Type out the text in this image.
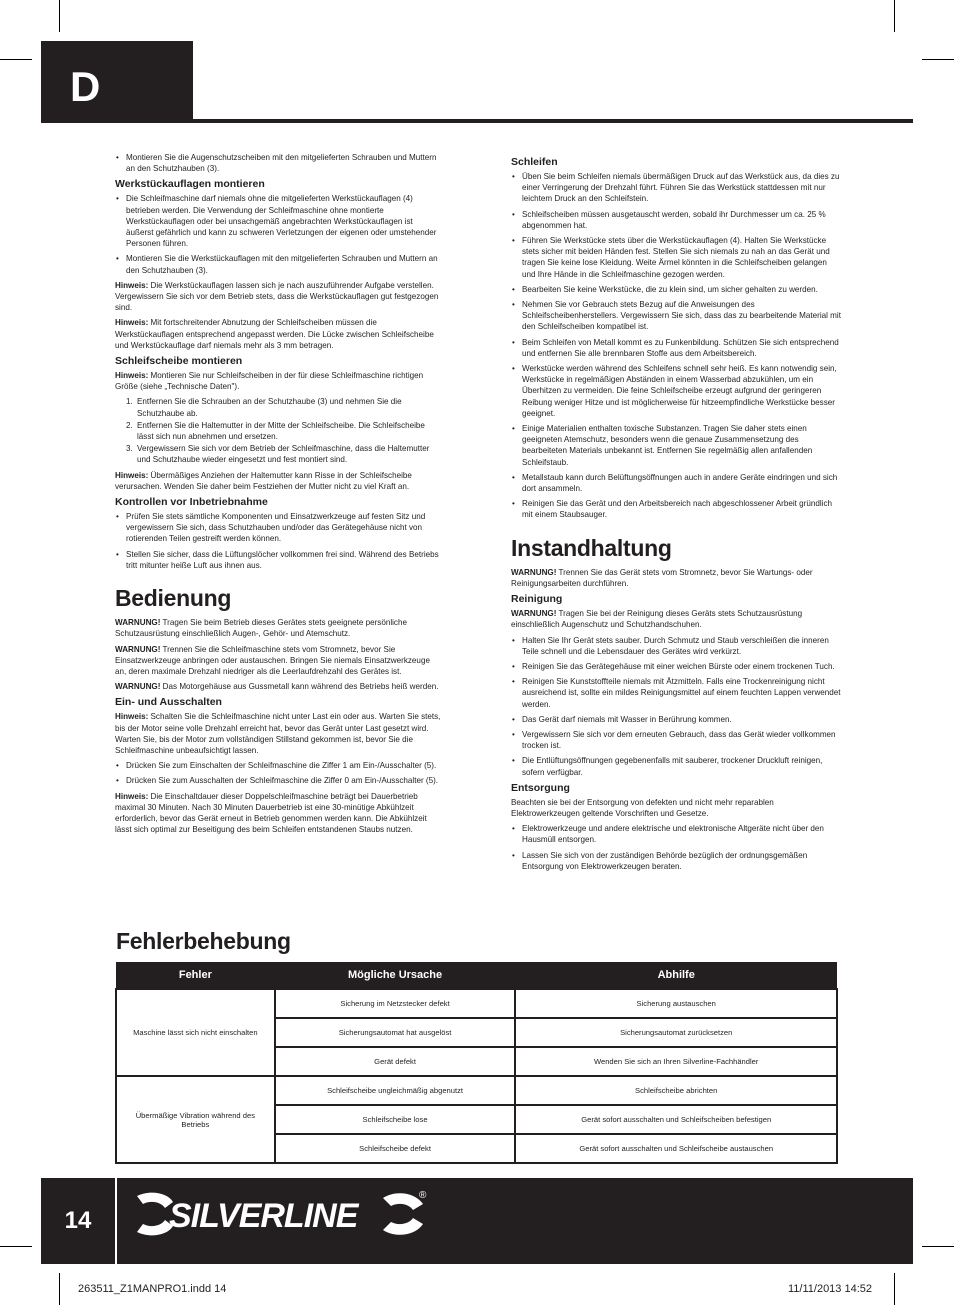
D
• Montieren Sie die Augenschutzscheiben mit den mitgelieferten Schrauben und Muttern an den Schutzhauben (3).
Werkstückauflagen montieren
• Die Schleifmaschine darf niemals ohne die mitgelieferten Werkstückauflagen (4) betrieben werden. Die Verwendung der Schleifmaschine ohne montierte Werkstückauflagen oder bei unsachgemäß angebrachten Werkstückauflagen ist äußerst gefährlich und kann zu schweren Verletzungen der eigenen oder umstehender Personen führen.
• Montieren Sie die Werkstückauflagen mit den mitgelieferten Schrauben und Muttern an den Schutzhauben (3).

Hinweis: Die Werkstückauflagen lassen sich je nach auszuführender Aufgabe verstellen. Vergewissern Sie sich vor dem Betrieb stets, dass die Werkstückauflagen gut festgezogen sind.

Hinweis: Mit fortschreitender Abnutzung der Schleifscheiben müssen die Werkstückauflagen entsprechend angepasst werden. Die Lücke zwischen Schleifscheibe und Werkstückauflage darf niemals mehr als 3 mm betragen.

Schleifscheibe montieren

Hinweis: Montieren Sie nur Schleifscheiben in der für diese Schleifmaschine richtigen Größe (siehe „Technische Daten").

1. Entfernen Sie die Schrauben an der Schutzhaube (3) und nehmen Sie die Schutzhaube ab.
2. Entfernen Sie die Haltemutter in der Mitte der Schleifscheibe. Die Schleifscheibe lässt sich nun abnehmen und ersetzen.
3. Vergewissern Sie sich vor dem Betrieb der Schleifmaschine, dass die Haltemutter und Schutzhaube wieder eingesetzt und fest montiert sind.

Hinweis: Übermäßiges Anziehen der Haltemutter kann Risse in der Schleifscheibe verursachen. Wenden Sie daher beim Festziehen der Mutter nicht zu viel Kraft an.

Kontrollen vor Inbetriebnahme
• Prüfen Sie stets sämtliche Komponenten und Einsatzwerkzeuge auf festen Sitz und vergewissern Sie sich, dass Schutzhauben und/oder das Gerätegehäuse nicht von rotierenden Teilen gestreift werden können.
• Stellen Sie sicher, dass die Lüftungslöcher vollkommen frei sind. Während des Betriebs tritt mitunter heiße Luft aus ihnen aus.
Bedienung

WARNUNG! Tragen Sie beim Betrieb dieses Gerätes stets geeignete persönliche Schutzausrüstung einschließlich Augen-, Gehör- und Atemschutz.

WARNUNG! Trennen Sie die Schleifmaschine stets vom Stromnetz, bevor Sie Einsatzwerkzeuge anbringen oder austauschen. Bringen Sie niemals Einsatzwerkzeuge an, deren maximale Drehzahl niedriger als die Leerlaufdrehzahl des Gerätes ist.

WARNUNG! Das Motorgehäuse aus Gussmetall kann während des Betriebs heiß werden.

Ein- und Ausschalten

Hinweis: Schalten Sie die Schleifmaschine nicht unter Last ein oder aus. Warten Sie stets, bis der Motor seine volle Drehzahl erreicht hat, bevor das Gerät unter Last gesetzt wird. Warten Sie, bis der Motor zum vollständigen Stillstand gekommen ist, bevor Sie die Schleifmaschine unbeaufsichtigt lassen.

• Drücken Sie zum Einschalten der Schleifmaschine die Ziffer 1 am Ein-/Ausschalter (5).
• Drücken Sie zum Ausschalten der Schleifmaschine die Ziffer 0 am Ein-/Ausschalter (5).

Hinweis: Die Einschaltdauer dieser Doppelschleifmaschine beträgt bei Dauerbetrieb maximal 30 Minuten. Nach 30 Minuten Dauerbetrieb ist eine 30-minütige Abkühlzeit erforderlich, bevor das Gerät erneut in Betrieb genommen werden kann. Die Abkühlzeit lässt sich optimal zur Beseitigung des beim Schleifen entstandenen Staubs nutzen.

Schleifen
• Üben Sie beim Schleifen niemals übermäßigen Druck auf das Werkstück aus, da dies zu einer Verringerung der Drehzahl führt. Führen Sie das Werkstück stattdessen mit nur leichtem Druck an den Schleifstein.
• Schleifscheiben müssen ausgetauscht werden, sobald ihr Durchmesser um ca. 25 % abgenommen hat.
• Führen Sie Werkstücke stets über die Werkstückauflagen (4). Halten Sie Werkstücke stets sicher mit beiden Händen fest. Stellen Sie sich niemals zu nah an das Gerät und tragen Sie keine lose Kleidung. Weite Ärmel könnten in die Schleifscheiben gelangen und Ihre Hände in die Schleifmaschine gezogen werden.
• Bearbeiten Sie keine Werkstücke, die zu klein sind, um sicher gehalten zu werden.
• Nehmen Sie vor Gebrauch stets Bezug auf die Anweisungen des Schleifscheibenherstellers. Vergewissern Sie sich, dass das zu bearbeitende Material mit den Schleifscheiben kompatibel ist.
• Beim Schleifen von Metall kommt es zu Funkenbildung. Schützen Sie sich entsprechend und entfernen Sie alle brennbaren Stoffe aus dem Arbeitsbereich.
• Werkstücke werden während des Schleifens schnell sehr heiß. Es kann notwendig sein, Werkstücke in regelmäßigen Abständen in einem Wasserbad abzukühlen, um ein Überhitzen zu vermeiden. Die feine Schleifscheibe erzeugt aufgrund der geringeren Reibung weniger Hitze und ist möglicherweise für hitzeempfindliche Werkstücke besser geeignet.
• Einige Materialien enthalten toxische Substanzen. Tragen Sie daher stets einen geeigneten Atemschutz, besonders wenn die genaue Zusammensetzung des bearbeiteten Materials unbekannt ist. Entfernen Sie regelmäßig allen anfallenden Schleifstaub.
• Metallstaub kann durch Belüftungsöffnungen auch in andere Geräte eindringen und sich dort ansammeln.
• Reinigen Sie das Gerät und den Arbeitsbereich nach abgeschlossener Arbeit gründlich mit einem Staubsauger.
Instandhaltung

WARNUNG! Trennen Sie das Gerät stets vom Stromnetz, bevor Sie Wartungs- oder Reinigungsarbeiten durchführen.

Reinigung

WARNUNG! Tragen Sie bei der Reinigung dieses Geräts stets Schutzausrüstung einschließlich Augenschutz und Schutzhandschuhen.

• Halten Sie Ihr Gerät stets sauber. Durch Schmutz und Staub verschleißen die inneren Teile schnell und die Lebensdauer des Gerätes wird verkürzt.
• Reinigen Sie das Gerätegehäuse mit einer weichen Bürste oder einem trockenen Tuch.
• Reinigen Sie Kunststoffteile niemals mit Ätzmitteln. Falls eine Trockenreinigung nicht ausreichend ist, sollte ein mildes Reinigungsmittel auf einem feuchten Lappen verwendet werden.
• Das Gerät darf niemals mit Wasser in Berührung kommen.
• Vergewissern Sie sich vor dem erneuten Gebrauch, dass das Gerät wieder vollkommen trocken ist.
• Die Entlüftungsöffnungen gegebenenfalls mit sauberer, trockener Druckluft reinigen, sofern verfügbar.
Entsorgung

Beachten sie bei der Entsorgung von defekten und nicht mehr reparablen Elektrowerkzeugen geltende Vorschriften und Gesetze.

• Elektrowerkzeuge und andere elektrische und elektronische Altgeräte nicht über den Hausmüll entsorgen.
• Lassen Sie sich von der zuständigen Behörde bezüglich der ordnungsgemäßen Entsorgung von Elektrowerkzeugen beraten.
Fehlerbehebung
Fehler	Mögliche Ursache	Abhilfe
Maschine lässt sich nicht einschalten	Sicherung im Netzstecker defekt	Sicherung austauschen
	Sicherungsautomat hat ausgelöst	Sicherungsautomat zurücksetzen
	Gerät defekt	Wenden Sie sich an Ihren Silverline-Fachhändler
Übermäßige Vibration während des Betriebs	Schleifscheibe ungleichmäßig abgenutzt	Schleifscheibe abrichten
	Schleifscheibe lose	Gerät sofort ausschalten und Schleifscheiben befestigen
	Schleifscheibe defekt	Gerät sofort ausschalten und Schleifscheibe austauschen
14	SILVERLINE
®
263511_Z1MANPRO1.indd 14	11/11/2013 14:52
